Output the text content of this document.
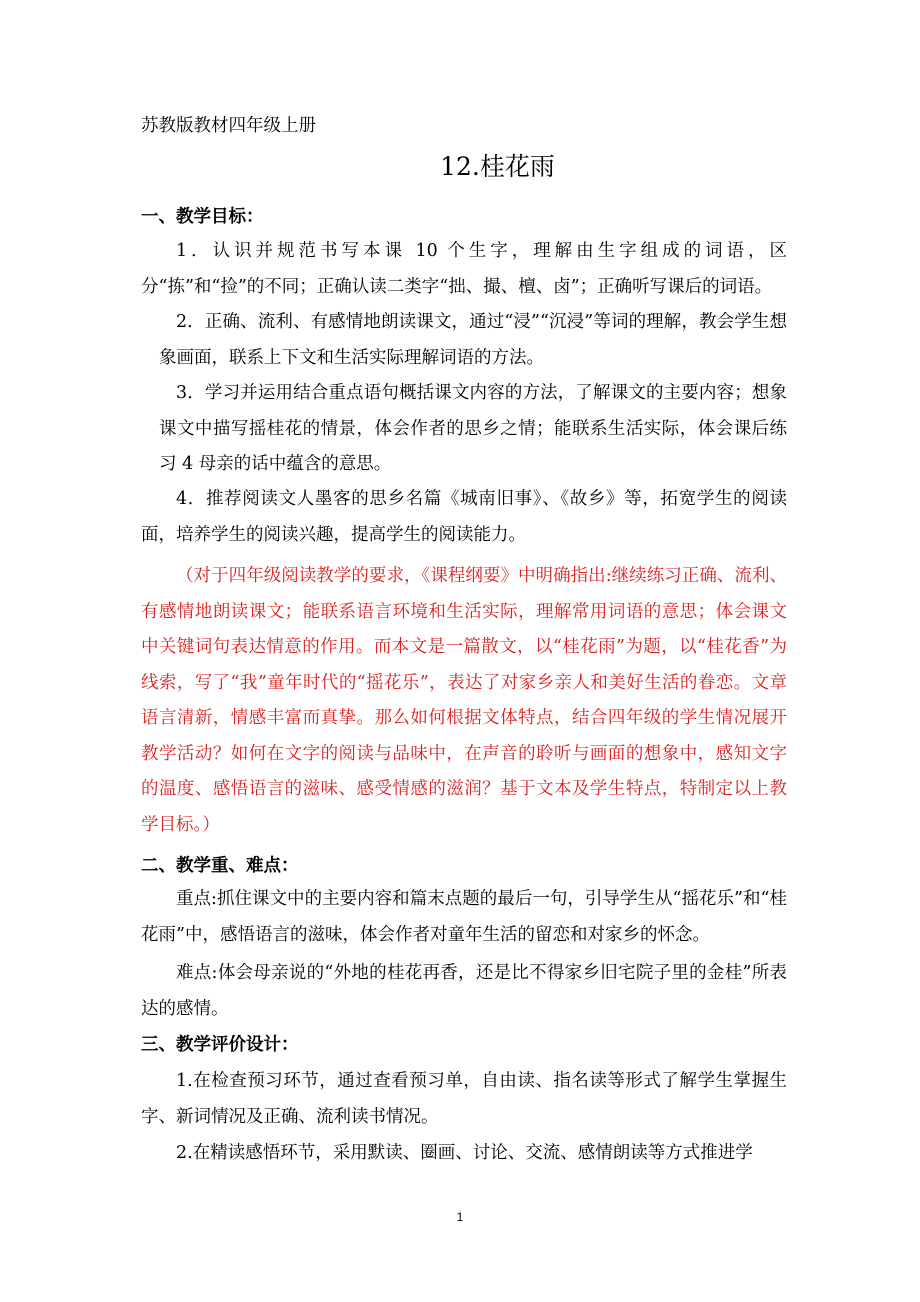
苏教版教材四年级上册
12.桂花雨
一、教学目标：
1．认识并规范书写本课 10 个生字，理解由生字组成的词语，区分“拣”和“捡”的不同；正确认读二类字“拙、撮、檀、卤”；正确听写课后的词语。
2．正确、流利、有感情地朗读课文，通过“浸”“沉浸”等词的理解，教会学生想象画面，联系上下文和生活实际理解词语的方法。
3．学习并运用结合重点语句概括课文内容的方法，了解课文的主要内容；想象课文中描写摇桂花的情景，体会作者的思乡之情；能联系生活实际，体会课后练习 4 母亲的话中蕴含的意思。
4．推荐阅读文人墨客的思乡名篇《城南旧事》、《故乡》等，拓宽学生的阅读面，培养学生的阅读兴趣，提高学生的阅读能力。
（对于四年级阅读教学的要求，《课程纲要》中明确指出:继续练习正确、流利、有感情地朗读课文；能联系语言环境和生活实际，理解常用词语的意思；体会课文中关键词句表达情意的作用。而本文是一篇散文，以“桂花雨”为题，以“桂花香”为线索，写了“我”童年时代的“摇花乐”，表达了对家乡亲人和美好生活的眷恋。文章语言清新，情感丰富而真挚。那么如何根据文体特点，结合四年级的学生情况展开教学活动？如何在文字的阅读与品味中，在声音的聆听与画面的想象中，感知文字的温度、感悟语言的滋味、感受情感的滋润？基于文本及学生特点，特制定以上教学目标。）
二、教学重、难点：
重点:抓住课文中的主要内容和篇末点题的最后一句，引导学生从“摇花乐”和“桂花雨”中，感悟语言的滋味，体会作者对童年生活的留恋和对家乡的怀念。
难点:体会母亲说的“外地的桂花再香，还是比不得家乡旧宅院子里的金桂”所表达的感情。
三、教学评价设计：
1.在检查预习环节，通过查看预习单，自由读、指名读等形式了解学生掌握生字、新词情况及正确、流利读书情况。
2.在精读感悟环节，采用默读、圈画、讨论、交流、感情朗读等方式推进学
1
